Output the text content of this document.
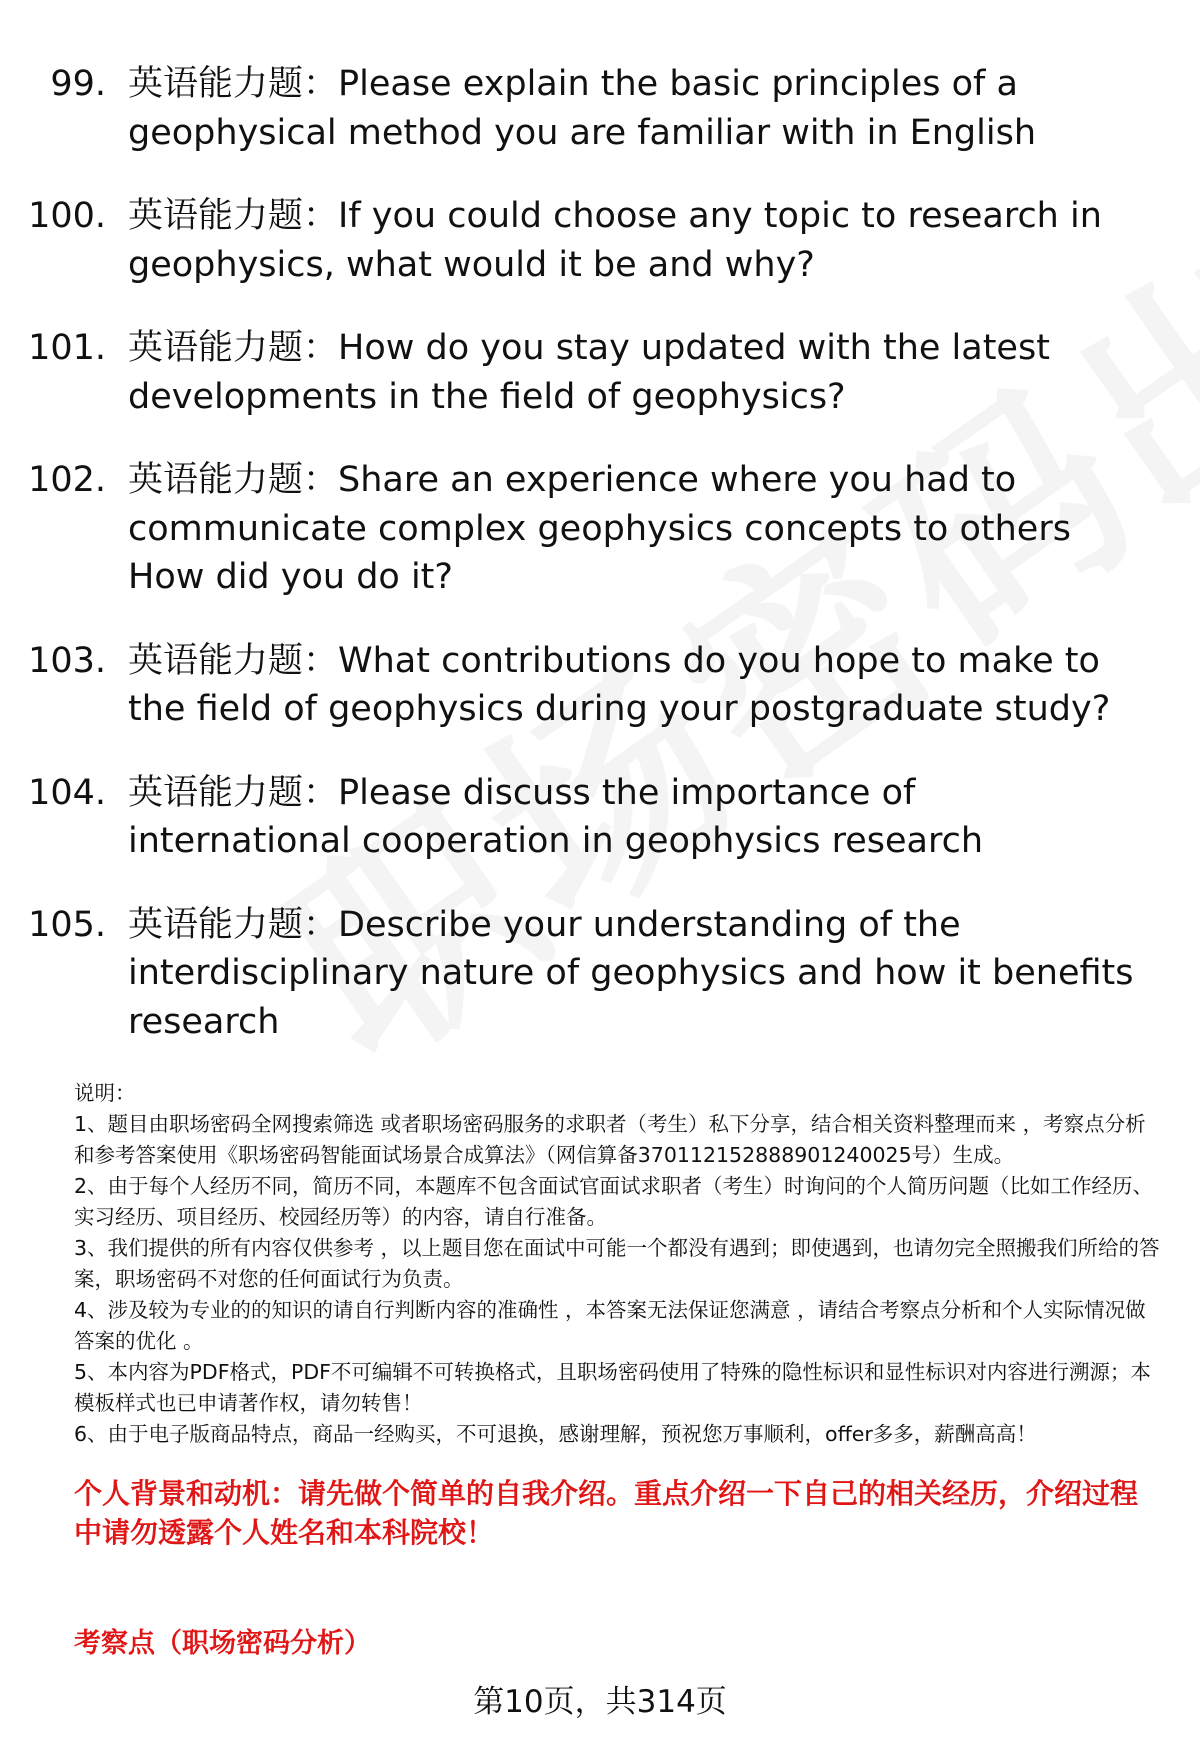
99. 英语能力题：Please explain the basic principles of a geophysical method you are familiar with in English
100. 英语能力题：If you could choose any topic to research in geophysics, what would it be and why?
101. 英语能力题：How do you stay updated with the latest developments in the field of geophysics?
102. 英语能力题：Share an experience where you had to communicate complex geophysics concepts to others How did you do it?
103. 英语能力题：What contributions do you hope to make to the field of geophysics during your postgraduate study?
104. 英语能力题：Please discuss the importance of international cooperation in geophysics research
105. 英语能力题：Describe your understanding of the interdisciplinary nature of geophysics and how it benefits research

说明：

1、题目由职场密码全网搜索筛选 或者职场密码服务的求职者（考生）私下分享，结合相关资料整理而来 ，考察点分析和参考答案使用《职场密码智能面试场景合成算法》（网信算备370112152888901240025号）生成。

2、由于每个人经历不同，简历不同，本题库不包含面试官面试求职者（考生）时询问的个人简历问题（比如工作经历、实习经历、项目经历、校园经历等）的内容，请自行准备。

3、我们提供的所有内容仅供参考 ，以上题目您在面试中可能一个都没有遇到；即使遇到，也请勿完全照搬我们所给的答案，职场密码不对您的任何面试行为负责。

4、涉及较为专业的的知识的请自行判断内容的准确性 ，本答案无法保证您满意 ，请结合考察点分析和个人实际情况做答案的优化 。

5、本内容为PDF格式，PDF不可编辑不可转换格式，且职场密码使用了特殊的隐性标识和显性标识对内容进行溯源；本模板样式也已申请著作权，请勿转售！

6、由于电子版商品特点，商品一经购买，不可退换，感谢理解，预祝您万事顺利，offer多多，薪酬高高！

个人背景和动机：请先做个简单的自我介绍。重点介绍一下自己的相关经历，介绍过程中请勿透露个人姓名和本科院校！
考察点（职场密码分析）
第10页，共314页
